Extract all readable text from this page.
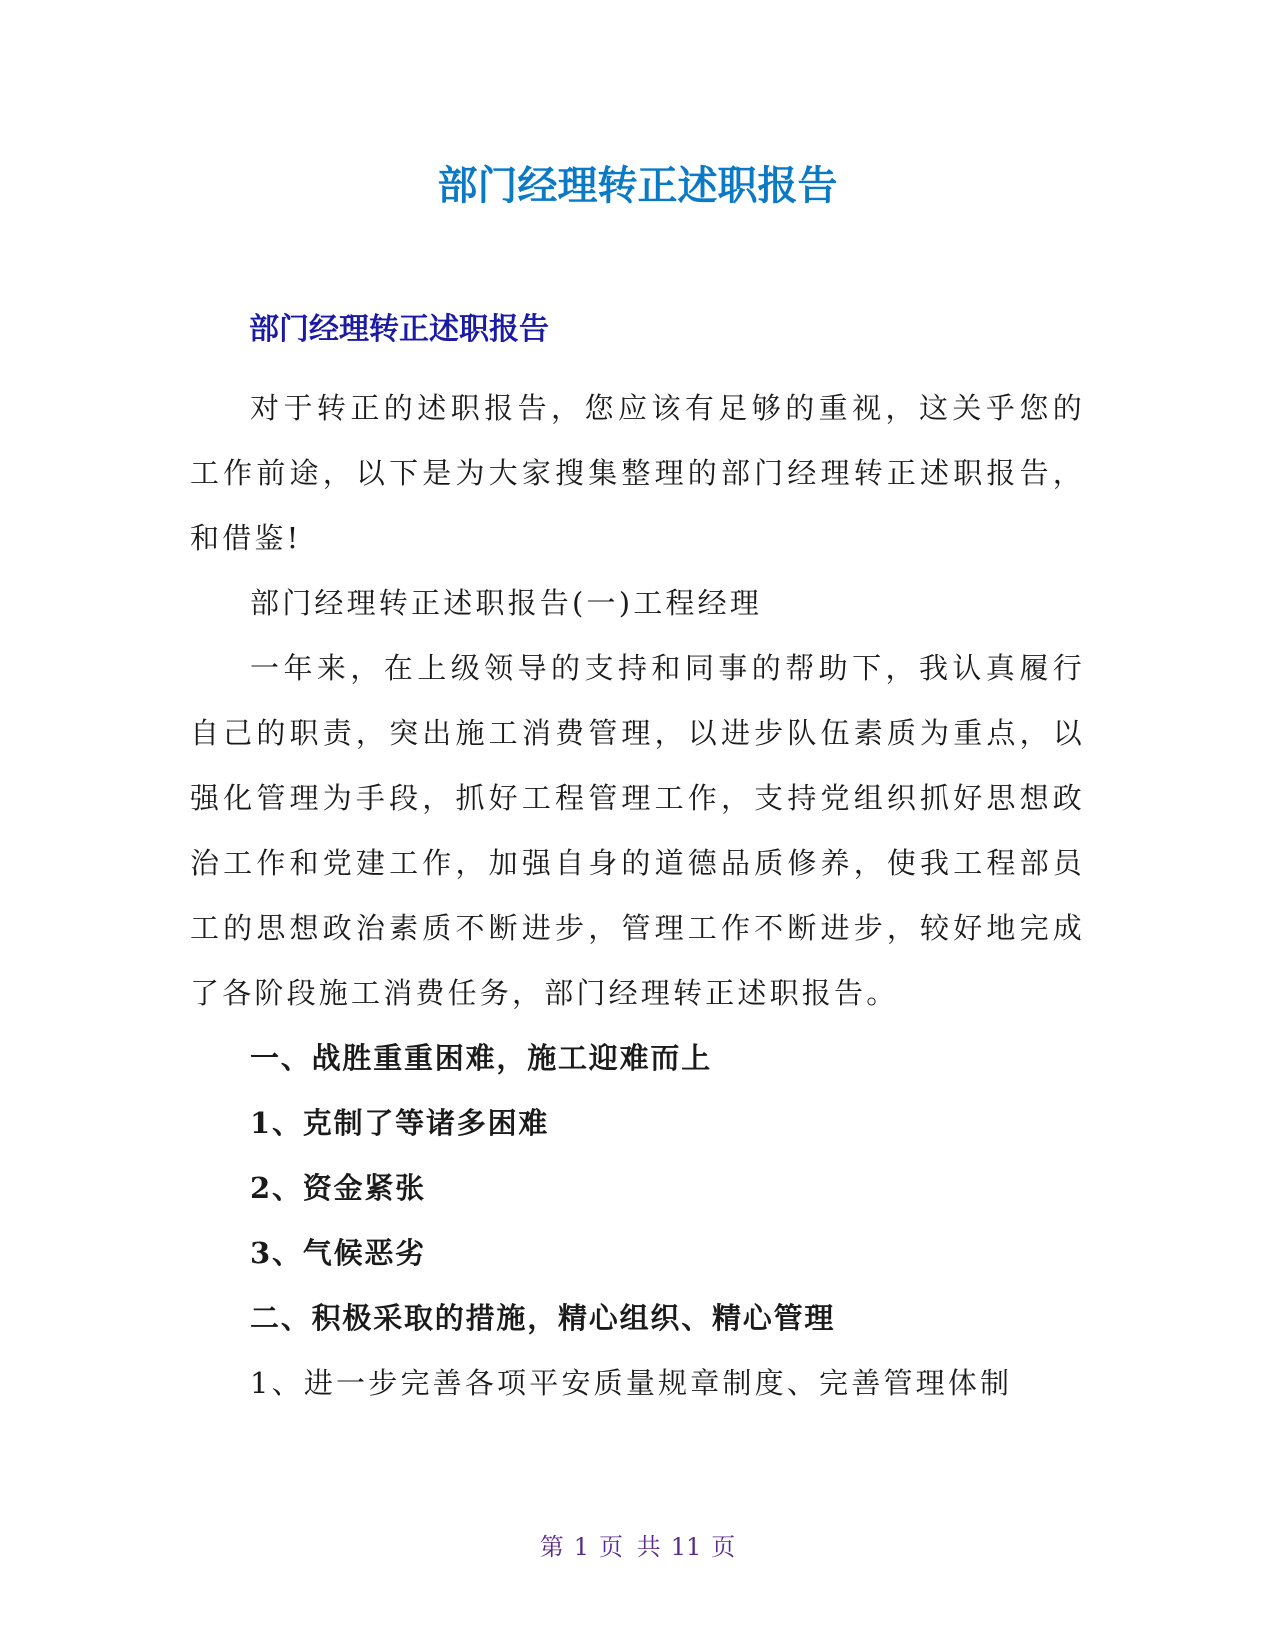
部门经理转正述职报告
部门经理转正述职报告

对于转正的述职报告，您应该有足够的重视，这关乎您的工作前途，以下是为大家搜集整理的部门经理转正述职报告，和借鉴!

部门经理转正述职报告(一)工程经理

一年来，在上级领导的支持和同事的帮助下，我认真履行自己的职责，突出施工消费管理，以进步队伍素质为重点，以强化管理为手段，抓好工程管理工作，支持党组织抓好思想政治工作和党建工作，加强自身的道德品质修养，使我工程部员工的思想政治素质不断进步，管理工作不断进步，较好地完成了各阶段施工消费任务，部门经理转正述职报告。

一、战胜重重困难，施工迎难而上

1、克制了等诸多困难

2、资金紧张

3、气候恶劣

二、积极采取的措施，精心组织、精心管理

1、进一步完善各项平安质量规章制度、完善管理体制

第 1 页 共 11 页
